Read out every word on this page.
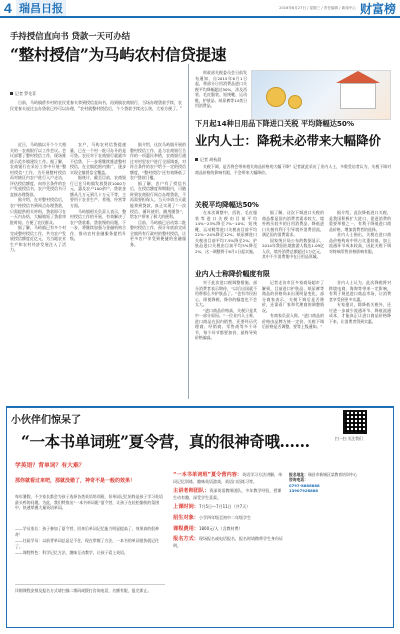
4 瑞昌日报	2016年6月27日 / 星期三 / 责任编辑 / 新闻中心 财富榜
手持授信直向书 贷款一天可办结
“整村授信”为马屿农村信贷提速
记者 罗先菲

日前，马屿镇侨乡村的农民党春夫拿到授信直向书，再到镇农商银行，当场办理贷款手续，农民党春夫说过去办贷款已经可以办理，“农村就整村授信后，个个贷款手续这么快，大家方便了。”

近日，马屿镇以开个个大相关的一农商银行以工作会议。会议部署了整村授信工作，现场推进示范乡镇建设工作。据了解，农商银行在采访工作中开展“整村授信”工作，为开展整村授信而对辖区内农户进行入户走访，评估授信额度，向符合条件的农户发放授信书，农户凭授信书可直接办理贷款。

据介绍，在对整村授信后，农户持授信书到网点办理贷款，只需提供相关材料，贷款即可在一天内办结，大幅缩短了贷款审批时间，方便了农民群众。

据了解，马屿镇已有多个村完成整村授信工作，共为农户发放授信额度近亿元，为当地农业生产和农村经济发展注入了活力。

农户，马屿农村信贷提速量，已在一个村一批可办开的是可贷。农民对于农商银行就就市不信贷，下一步将继续推进整村授信，在全镇范围内推广，逐步实现全镇授信全覆盖。

据统计，截至目前，农商银行已在马屿镇发放贷款1000万元，惠及农户100余户，贷款金额从几万元到几十万元不等，主要用于农业生产、养殖、经营等方面。

马屿镇相关负责人表示，整村授信工作的开展，有效解决了农户贷款难、贷款慢的问题，下一步，将继续加强与金融机构合作，推动农村金融服务提档升级。

据介绍，这次马屿镇开展的整村授信工作，是与农商银行合作的一项惠民举措，农商银行通过对村里农户进行全面调查，对符合条件的农户给予一定的授信额度，“整村授信”还有效降低了农户贷款门槛。

据了解，农户有了授信书后，在授信额度和期限内，可随时到农商银行网点办理贷款，不再需要担保人。当天申请当天就能拿到贷款，真正实现了“一次授信、循环使用、随用随贷”，给农户带来了极大的便利。

目前，马屿镇已启动第二批整村授信工作，预计年底前完成全镇所有行政村的整村授信，让更多农户享受到便捷的金融服务。

财政部关税委员会日前发布通知，自2015年6月1日起，将部分日用消费品进口关税平均降幅超过50%，涉及西装、毛皮服装、短统靴、运动鞋、护肤品、纸尿裤等14类日用消费品。

下月起14种日用品下降进口关税 平均降幅达50%
业内人士：降税未必带来大幅降价
记者 胡杭晨

关税下调，是否将会带来相关商品价格的大幅下降？记者就此采访了业内人士，多数受访者认为，关税下调对商品价格的影响有限，不会带来大幅降价。

关税平均降幅达50%

在本次调整中，西装、毛皮服装等进口关税由目前平均14%~23%降至7%~10%；短统靴、运动鞋等进口关税由目前平均22%~24%降至12%；纸尿裤进口关税由目前平均7.5%降至2%；护肤品进口关税由目前平均5%降至2%，这一调整将于6月1日起实施。

据了解，这次下调进口关税的商品都是国内消费者需求较大、境外购买较多的日用消费品，降低进口关税有利于引导境外消费回流，满足国内消费需求。

国家统计局公布的数据显示，2014年我国出境旅游人数达1.09亿人次，境外消费总额超过1万亿元，其中不少消费集中在日用品领域。

据介绍，此次降低进口关税，是我国积极扩大进口、促进消费的重要举措之一，有利于降低进口商品价格，增加消费者的选择。

业内人士指出，关税在进口商品价格构成中所占比重较低，加上流通环节成本较高，因此关税下调对终端零售价格影响有限。

业内人士称降价幅度有限

对于此次进口税调整措施，部分消费者表示期待，“以后出国就不用带那么多护肤品了。”也有市民担心，即使降税，降价的幅度也不会太大。

“进口商品价格高，关税只是其中一部分原因。”一位业内人士称，进口商品在国内销售，还要经历代理商、经销商、零售商等多个环节，每个环节都要加价，最终导致价格偏高。

记者走访市区多家商场超市了解到，目前进口护肤品、纸尿裤等商品的价格尚未出现明显变化，部分商家表示，关税下调后是否降价，还需看厂家和代理商的调整情况。

有商家负责人称，“进口商品的价格由品牌方统一定价，关税下调后价格是否调整，要等上级通知。”

业内人士认为，此次降税将对跨境电商、海淘等带来一定影响，有利于规范进口商品市场，让消费者享受到更多实惠。

专家建议，除降低关税外，还应进一步减少流通环节、降低流通成本，才能真正让进口商品价格降下来，让消费者得到实惠。

小伙伴们惊呆了
“一本书单词班”夏令营，真的很神奇哦……	扫一扫 关注我们
学英语？背单词？有大难？
那你就看过来吧，那就没错了，神奇不是一般的效果！

每年暑假，不少家长都会为孩子选择各类英语培训班，但单词记忆始终是孩子学习英语最头疼的问题。为此，我们特推出“一本书单词班”夏令营，让孩子在轻松愉快的氛围中，快速掌握大量英语单词。

——学员家长：孩子参加了夏令营，回来后单词记忆能力明显提高了，效果真的很神奇！

——往届学员：以前背单词总是记不住，现在掌握了方法，一本书的单词很快就记住了。

——课程特色：科学记忆方法，趣味互动教学，让孩子爱上英语。

详细课程安排及报名方式请扫描二维码或拨打咨询电话，名额有限，报完即止。

“一本书单词班”夏令营内容：英语学习方法讲解，单词记忆训练，趣味英语游戏，英语口语练习等。
主讲老师团队：资深英语教师团队，多年教学经验，授课生动有趣，深受学生喜爱。
上课时间：7月5日—7月11日（共7天）
招生对象：小学四年级至初中二年级学生
课程费用：1800元/人（含教材费）
报名方式：现场报名或电话报名，报名时请携带学生身份证明。
报名地址：瑞昌市新城区某教育培训中心
咨询电话：
0797-8888888
13907928888
